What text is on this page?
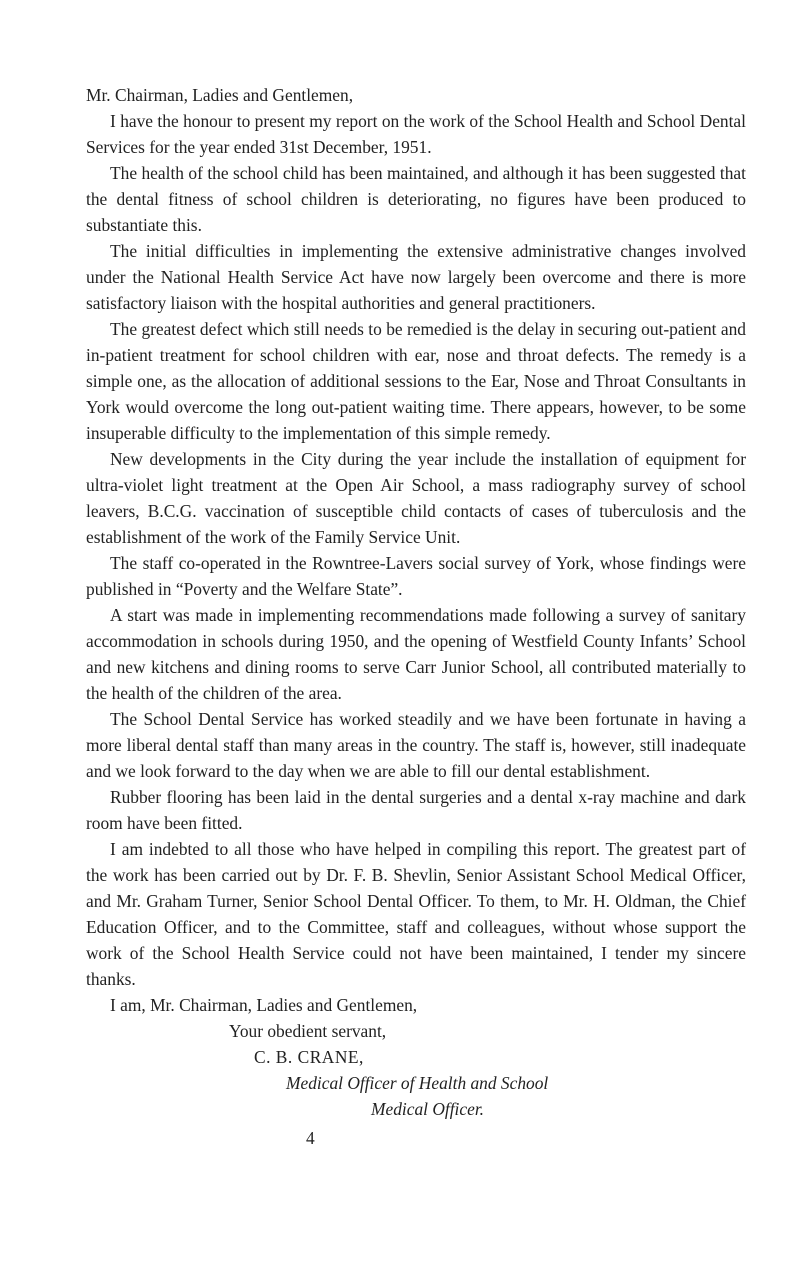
Mr. Chairman, Ladies and Gentlemen,

I have the honour to present my report on the work of the School Health and School Dental Services for the year ended 31st December, 1951.

The health of the school child has been maintained, and although it has been suggested that the dental fitness of school children is deteriorating, no figures have been produced to substantiate this.

The initial difficulties in implementing the extensive administrative changes involved under the National Health Service Act have now largely been overcome and there is more satisfactory liaison with the hospital authorities and general practitioners.

The greatest defect which still needs to be remedied is the delay in securing out-patient and in-patient treatment for school children with ear, nose and throat defects. The remedy is a simple one, as the allocation of additional sessions to the Ear, Nose and Throat Consultants in York would overcome the long out-patient waiting time. There appears, however, to be some insuperable difficulty to the implementation of this simple remedy.

New developments in the City during the year include the installation of equipment for ultra-violet light treatment at the Open Air School, a mass radiography survey of school leavers, B.C.G. vaccination of susceptible child contacts of cases of tuberculosis and the establishment of the work of the Family Service Unit.

The staff co-operated in the Rowntree-Lavers social survey of York, whose findings were published in “Poverty and the Welfare State”.

A start was made in implementing recommendations made following a survey of sanitary accommodation in schools during 1950, and the opening of Westfield County Infants’ School and new kitchens and dining rooms to serve Carr Junior School, all contributed materially to the health of the children of the area.

The School Dental Service has worked steadily and we have been fortunate in having a more liberal dental staff than many areas in the country. The staff is, however, still inadequate and we look forward to the day when we are able to fill our dental establishment.

Rubber flooring has been laid in the dental surgeries and a dental x-ray machine and dark room have been fitted.

I am indebted to all those who have helped in compiling this report. The greatest part of the work has been carried out by Dr. F. B. Shevlin, Senior Assistant School Medical Officer, and Mr. Graham Turner, Senior School Dental Officer. To them, to Mr. H. Oldman, the Chief Education Officer, and to the Committee, staff and colleagues, without whose support the work of the School Health Service could not have been maintained, I tender my sincere thanks.

I am, Mr. Chairman, Ladies and Gentlemen,

Your obedient servant,

C. B. CRANE,

Medical Officer of Health and School

Medical Officer.

4
